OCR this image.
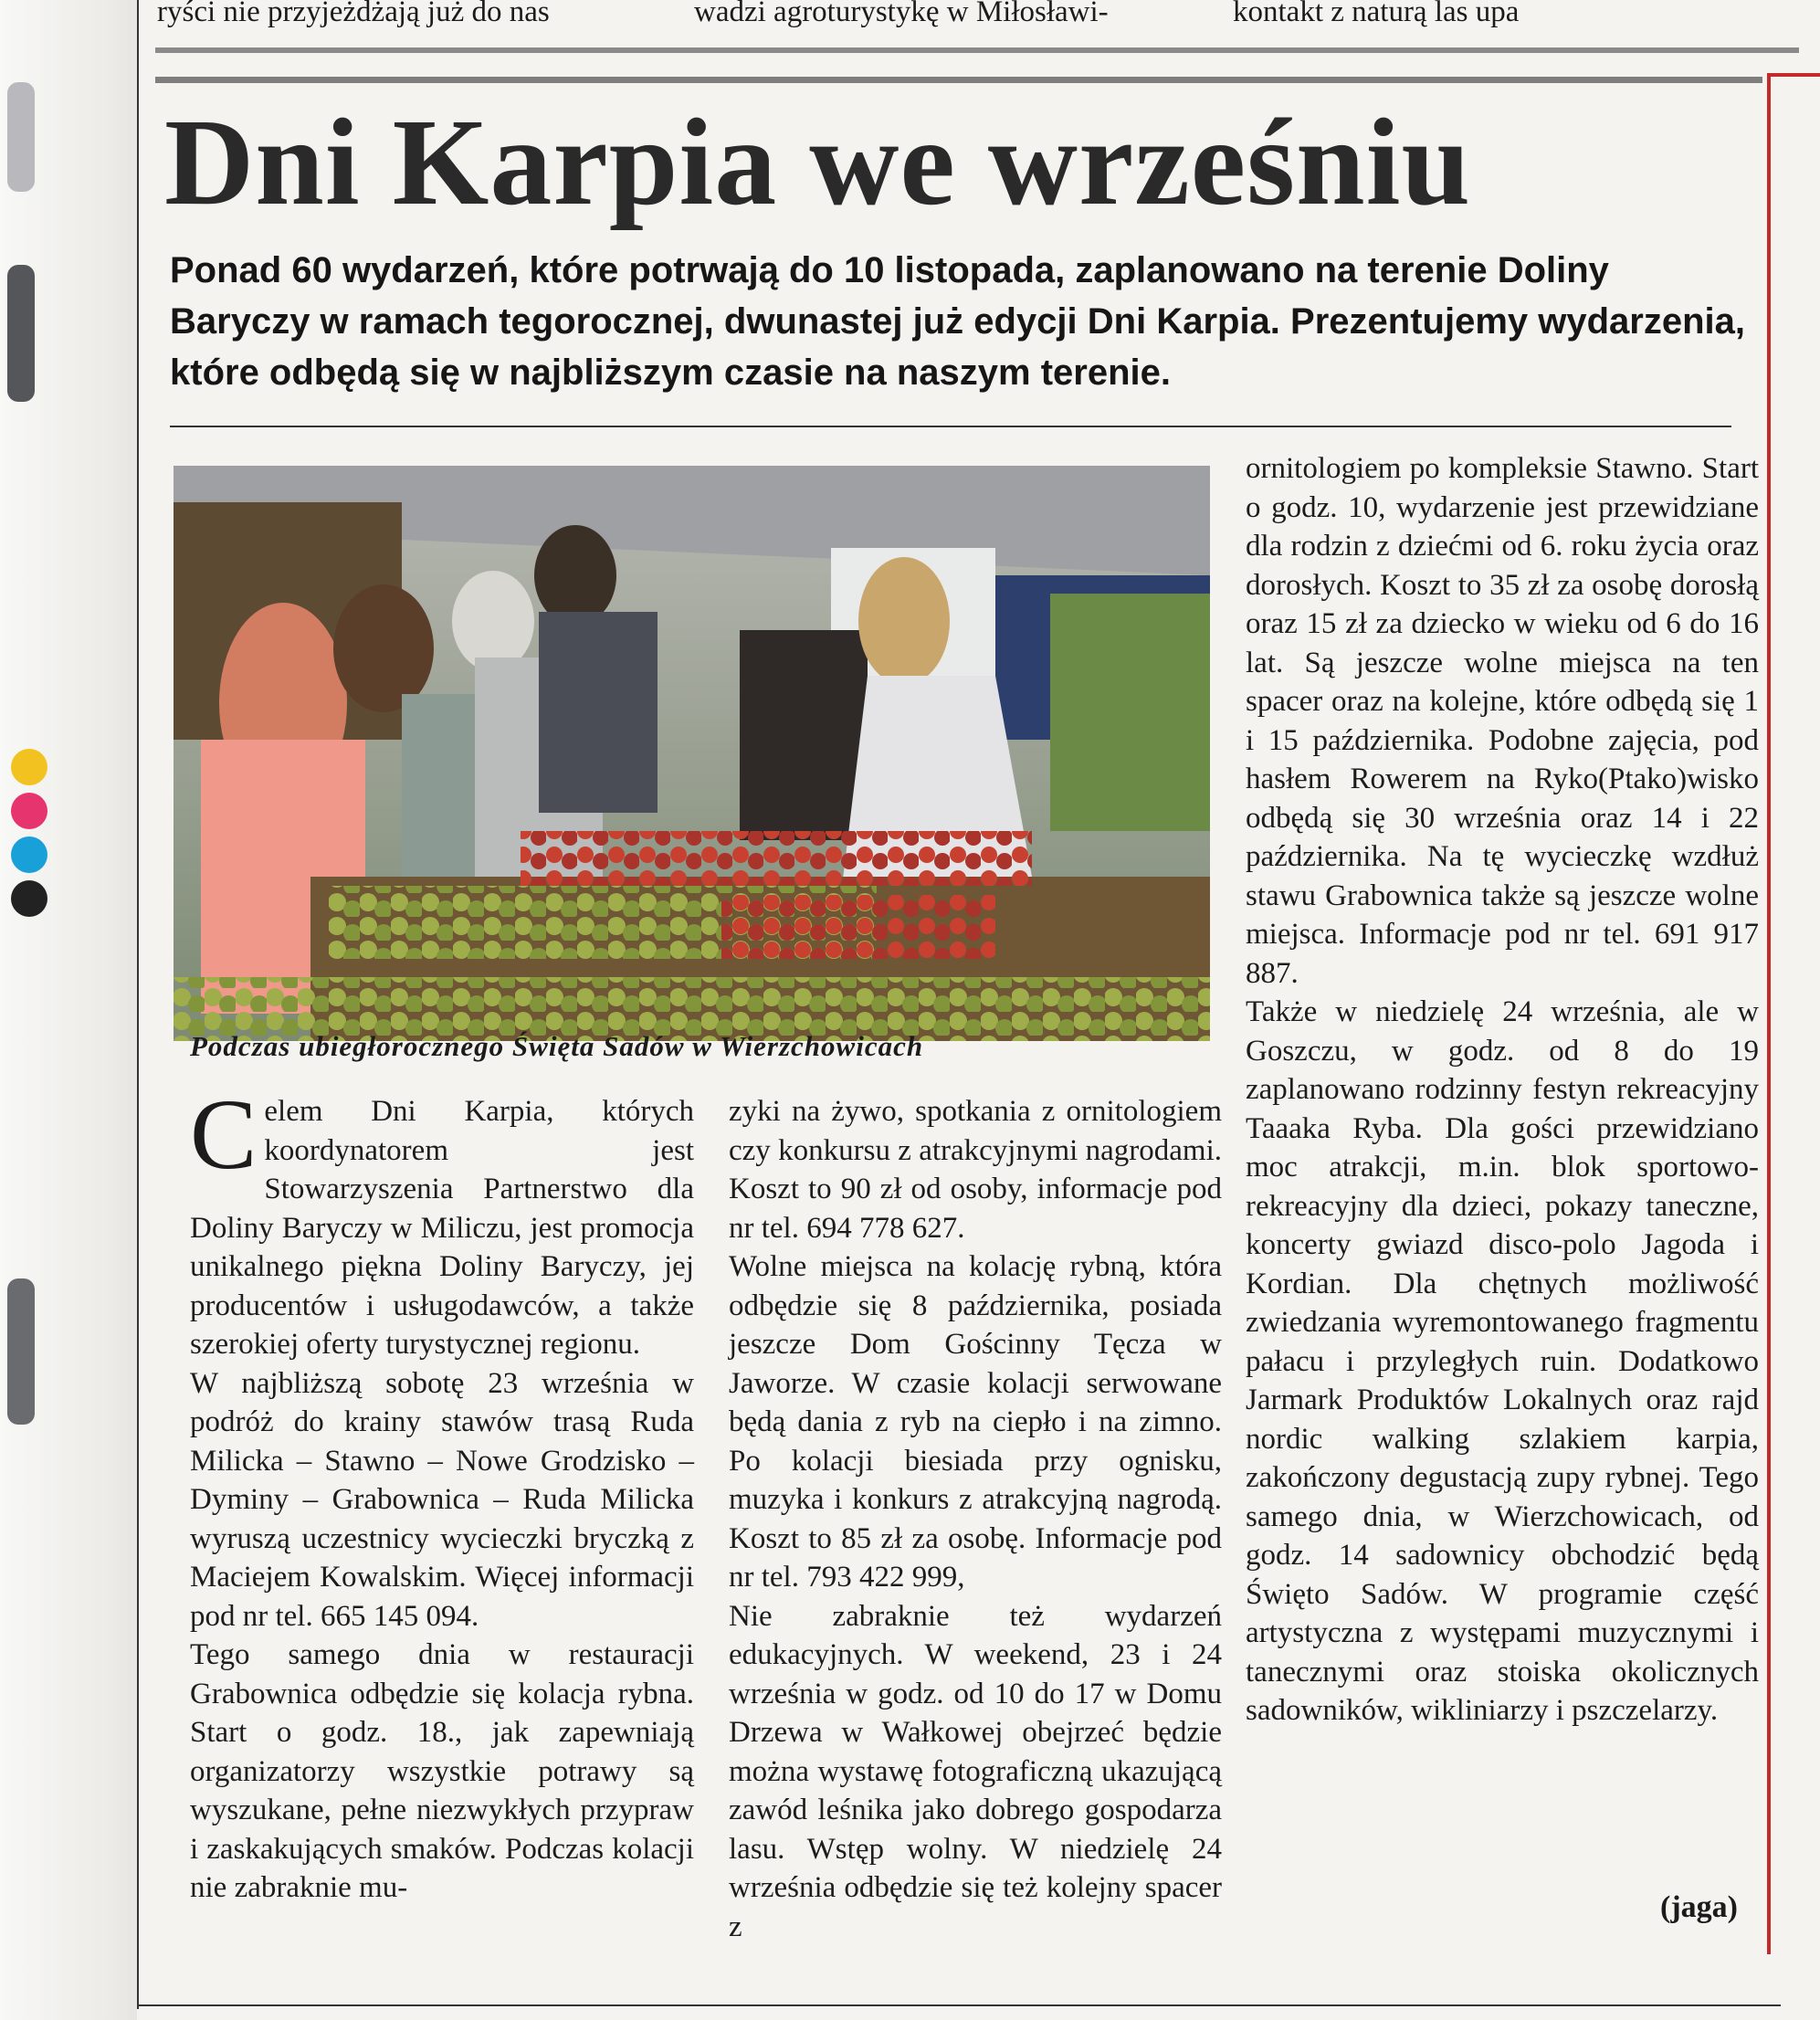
ryści nie przyjeżdżają już do nas	wadzi agroturystykę w Miłosławi-	kontakt z naturą las upa
Dni Karpia we wrześniu

Ponad 60 wydarzeń, które potrwają do 10 listopada, zaplanowano na terenie Doliny Baryczy w ramach tegorocznej, dwunastej już edycji Dni Karpia. Prezentujemy wydarzenia, które odbędą się w najbliższym czasie na naszym terenie.

Podczas ubiegłorocznego Święta Sadów w Wierzchowicach

Celem Dni Karpia, których koordynatorem jest Stowarzyszenia Partnerstwo dla Doliny Baryczy w Miliczu, jest promocja unikalnego piękna Doliny Baryczy, jej producentów i usługodawców, a także szerokiej oferty turystycznej regionu.

W najbliższą sobotę 23 września w podróż do krainy stawów trasą Ruda Milicka – Stawno – Nowe Grodzisko – Dyminy – Grabownica – Ruda Milicka wyruszą uczestnicy wycieczki bryczką z Maciejem Kowalskim. Więcej informacji pod nr tel. 665 145 094.

Tego samego dnia w restauracji Grabownica odbędzie się kolacja rybna. Start o godz. 18., jak zapewniają organizatorzy wszystkie potrawy są wyszukane, pełne niezwykłych przypraw i zaskakujących smaków. Podczas kolacji nie zabraknie mu-

zyki na żywo, spotkania z ornitologiem czy konkursu z atrakcyjnymi nagrodami. Koszt to 90 zł od osoby, informacje pod nr tel. 694 778 627.

Wolne miejsca na kolację rybną, która odbędzie się 8 października, posiada jeszcze Dom Gościnny Tęcza w Jaworze. W czasie kolacji serwowane będą dania z ryb na ciepło i na zimno. Po kolacji biesiada przy ognisku, muzyka i konkurs z atrakcyjną nagrodą. Koszt to 85 zł za osobę. Informacje pod nr tel. 793 422 999,

Nie zabraknie też wydarzeń edukacyjnych. W weekend, 23 i 24 września w godz. od 10 do 17 w Domu Drzewa w Wałkowej obejrzeć będzie można wystawę fotograficzną ukazującą zawód leśnika jako dobrego gospodarza lasu. Wstęp wolny. W niedzielę 24 września odbędzie się też kolejny spacer z

ornitologiem po kompleksie Stawno. Start o godz. 10, wydarzenie jest przewidziane dla rodzin z dziećmi od 6. roku życia oraz dorosłych. Koszt to 35 zł za osobę dorosłą oraz 15 zł za dziecko w wieku od 6 do 16 lat. Są jeszcze wolne miejsca na ten spacer oraz na kolejne, które odbędą się 1 i 15 października. Podobne zajęcia, pod hasłem Rowerem na Ryko(Ptako)wisko odbędą się 30 września oraz 14 i 22 października. Na tę wycieczkę wzdłuż stawu Grabownica także są jeszcze wolne miejsca. Informacje pod nr tel. 691 917 887.

Także w niedzielę 24 września, ale w Goszczu, w godz. od 8 do 19 zaplanowano rodzinny festyn rekreacyjny Taaaka Ryba. Dla gości przewidziano moc atrakcji, m.in. blok sportowo-rekreacyjny dla dzieci, pokazy taneczne, koncerty gwiazd disco-polo Jagoda i Kordian. Dla chętnych możliwość zwiedzania wyremontowanego fragmentu pałacu i przyległych ruin. Dodatkowo Jarmark Produktów Lokalnych oraz rajd nordic walking szlakiem karpia, zakończony degustacją zupy rybnej. Tego samego dnia, w Wierzchowicach, od godz. 14 sadownicy obchodzić będą Święto Sadów. W programie część artystyczna z występami muzycznymi i tanecznymi oraz stoiska okolicznych sadowników, wikliniarzy i pszczelarzy.

(jaga)
